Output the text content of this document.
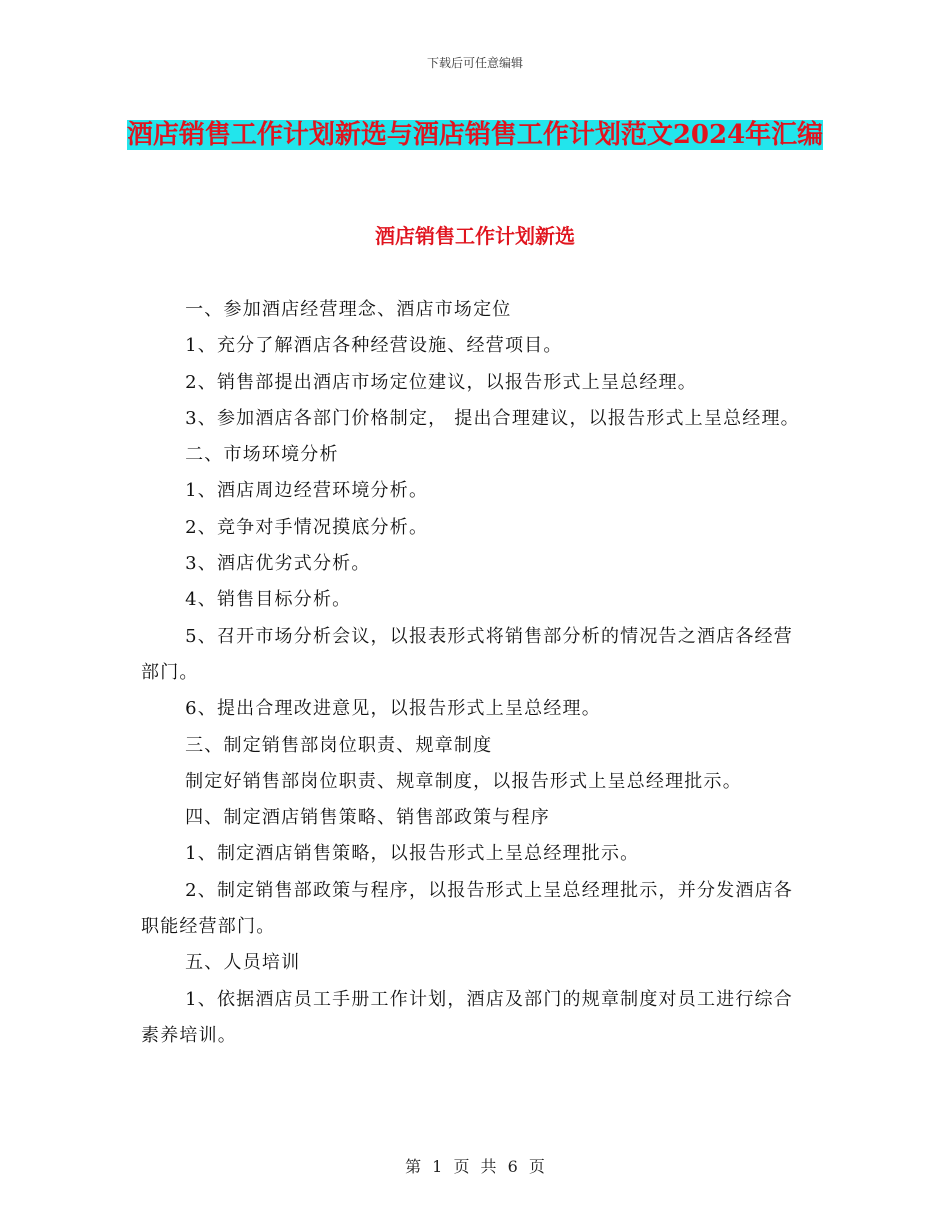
下载后可任意编辑
酒店销售工作计划新选与酒店销售工作计划范文2024年汇编
酒店销售工作计划新选

一、参加酒店经营理念、酒店市场定位

1、充分了解酒店各种经营设施、经营项目。

2、销售部提出酒店市场定位建议，以报告形式上呈总经理。

3、参加酒店各部门价格制定， 提出合理建议，以报告形式上呈总经理。

二、市场环境分析

1、酒店周边经营环境分析。

2、竞争对手情况摸底分析。

3、酒店优劣式分析。

4、销售目标分析。

5、召开市场分析会议，以报表形式将销售部分析的情况告之酒店各经营部门。

6、提出合理改进意见，以报告形式上呈总经理。

三、制定销售部岗位职责、规章制度

制定好销售部岗位职责、规章制度，以报告形式上呈总经理批示。

四、制定酒店销售策略、销售部政策与程序

1、制定酒店销售策略，以报告形式上呈总经理批示。

2、制定销售部政策与程序，以报告形式上呈总经理批示，并分发酒店各职能经营部门。

五、人员培训

1、依据酒店员工手册工作计划，酒店及部门的规章制度对员工进行综合素养培训。

第 1 页 共 6 页
